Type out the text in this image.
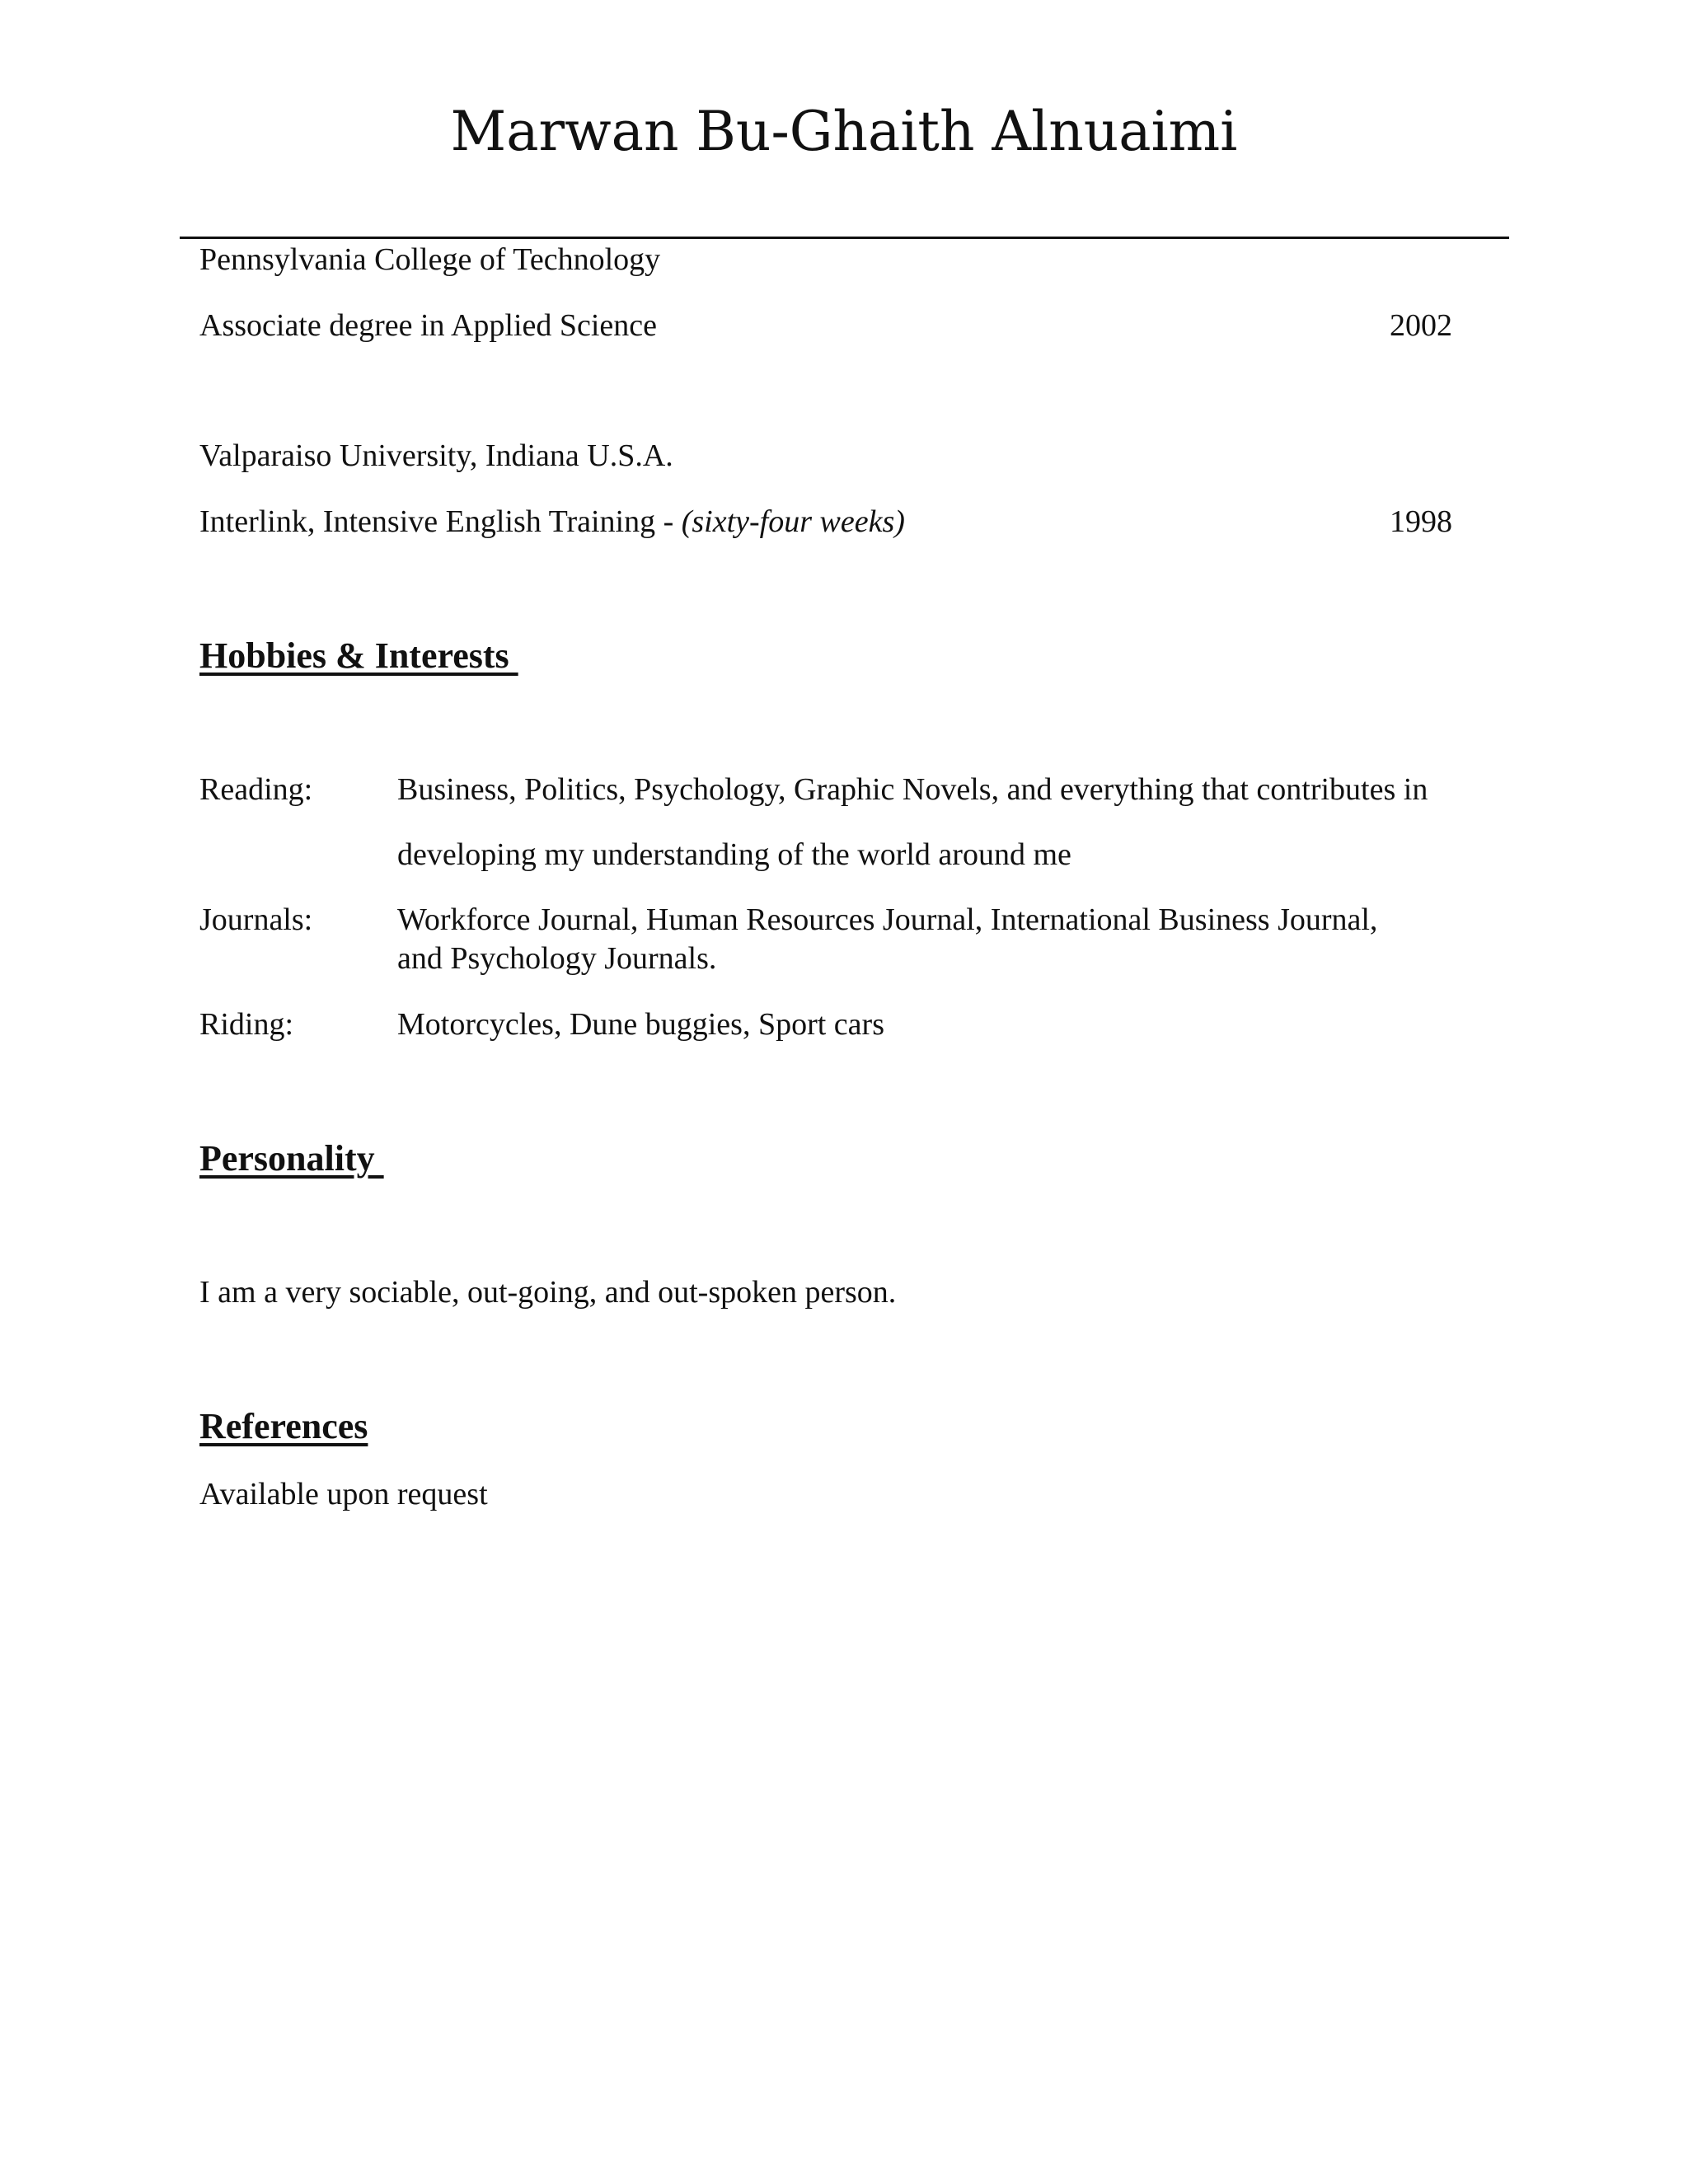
Marwan Bu-Ghaith Alnuaimi
Pennsylvania College of Technology
Associate degree in Applied Science	2002
Valparaiso University, Indiana U.S.A.
Interlink, Intensive English Training - (sixty-four weeks)	1998
Hobbies & Interests
Reading:	Business, Politics, Psychology, Graphic Novels, and everything that contributes in
developing my understanding of the world around me
Journals:	Workforce Journal, Human Resources Journal, International Business Journal,
and Psychology Journals.
Riding:	Motorcycles, Dune buggies, Sport cars
Personality
I am a very sociable, out-going, and out-spoken person.
References
Available upon request
